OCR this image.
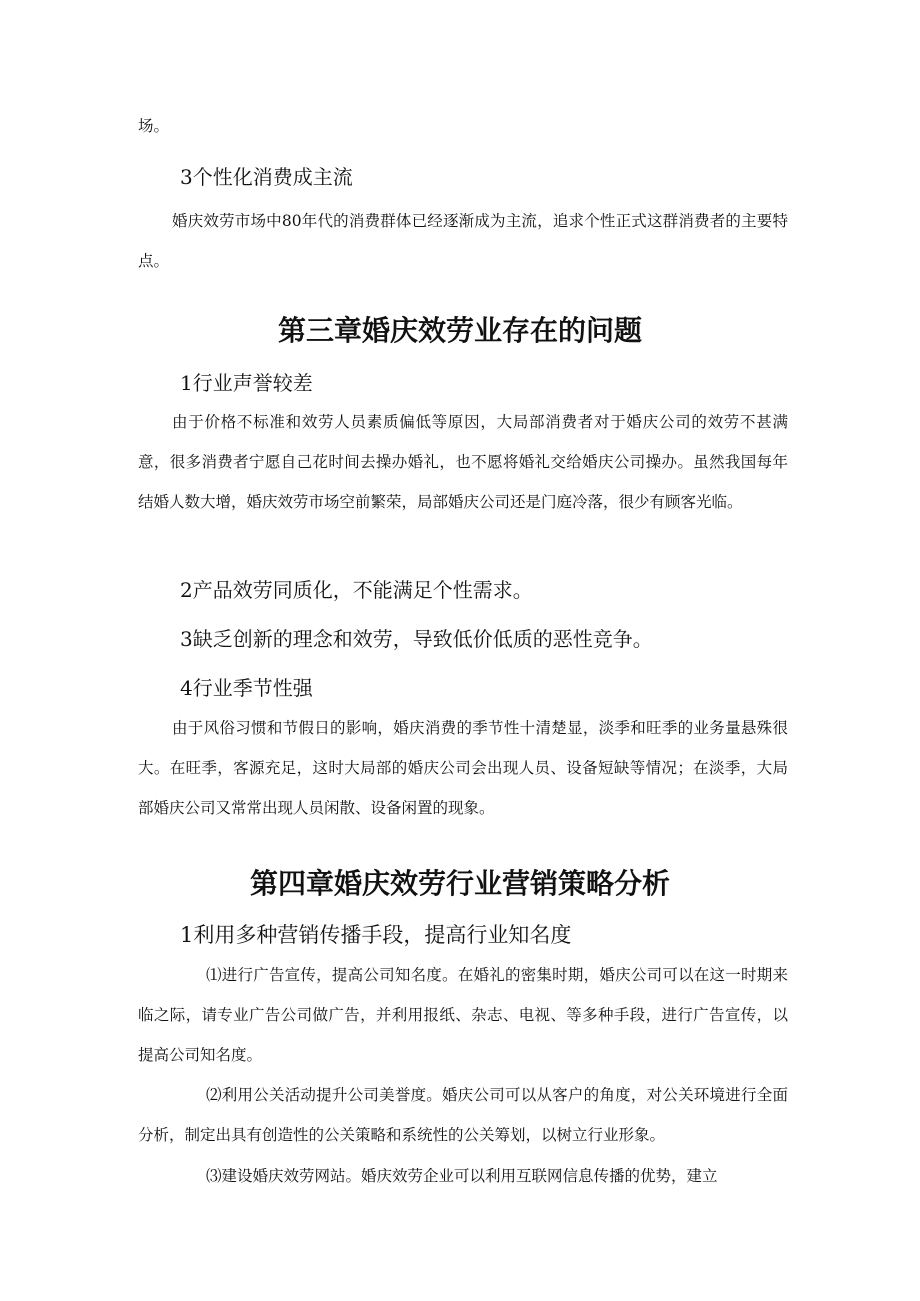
场。

3个性化消费成主流

婚庆效劳市场中80年代的消费群体已经逐渐成为主流，追求个性正式这群消费者的主要特点。

第三章婚庆效劳业存在的问题

1行业声誉较差

由于价格不标准和效劳人员素质偏低等原因，大局部消费者对于婚庆公司的效劳不甚满意，很多消费者宁愿自己花时间去操办婚礼，也不愿将婚礼交给婚庆公司操办。虽然我国每年结婚人数大增，婚庆效劳市场空前繁荣，局部婚庆公司还是门庭冷落，很少有顾客光临。

2产品效劳同质化，不能满足个性需求。

3缺乏创新的理念和效劳，导致低价低质的恶性竞争。

4行业季节性强

由于风俗习惯和节假日的影响，婚庆消费的季节性十清楚显，淡季和旺季的业务量悬殊很大。在旺季，客源充足，这时大局部的婚庆公司会出现人员、设备短缺等情况；在淡季，大局部婚庆公司又常常出现人员闲散、设备闲置的现象。

第四章婚庆效劳行业营销策略分析

1利用多种营销传播手段，提高行业知名度

⑴进行广告宣传，提高公司知名度。在婚礼的密集时期，婚庆公司可以在这一时期来临之际，请专业广告公司做广告，并利用报纸、杂志、电视、等多种手段，进行广告宣传，以提高公司知名度。

⑵利用公关活动提升公司美誉度。婚庆公司可以从客户的角度，对公关环境进行全面分析，制定出具有创造性的公关策略和系统性的公关筹划，以树立行业形象。

⑶建设婚庆效劳网站。婚庆效劳企业可以利用互联网信息传播的优势，建立
